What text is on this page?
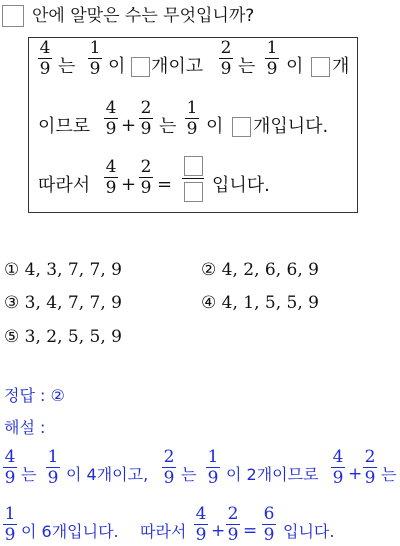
안에 알맞은 수는 무엇입니까?
4
9 는
1
9 이 개이고
2
9 는
1
9 이 개
이므로
4
9 +
2
9 는
1
9 이 개입니다.
따라서
4
9 +
2
9 = 입니다.
① 4, 3, 7, 7, 9	② 4, 2, 6, 6, 9
③ 3, 4, 7, 7, 9	④ 4, 1, 5, 5, 9
⑤ 3, 2, 5, 5, 9
정답 : ②
해설 :
4
9 는
1
9 이 4개이고,
2
9 는
1
9 이 2개이므로
4
9 +
2
9 는
1
9 이 6개입니다. 따라서
4
9 +
2
9 =
6
9 입니다.
